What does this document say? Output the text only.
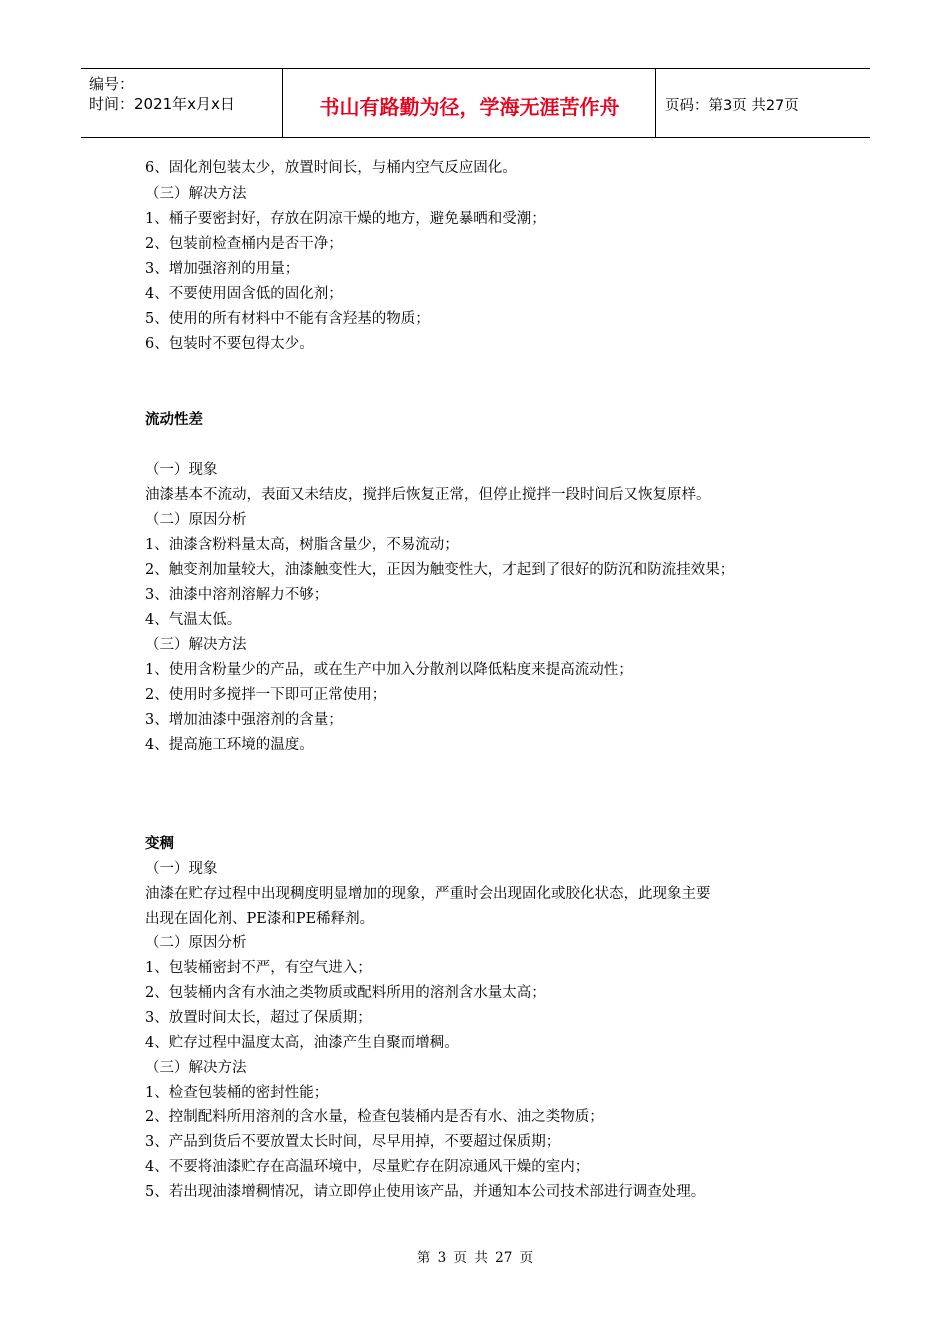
编号：
时间：2021年x月x日	书山有路勤为径，学海无涯苦作舟	页码：第3页 共27页
6、固化剂包装太少，放置时间长，与桶内空气反应固化。
（三）解决方法
1、桶子要密封好，存放在阴凉干燥的地方，避免暴晒和受潮；
2、包装前检查桶内是否干净；
3、增加强溶剂的用量；
4、不要使用固含低的固化剂；
5、使用的所有材料中不能有含羟基的物质；
6、包装时不要包得太少。
流动性差
（一）现象
油漆基本不流动，表面又未结皮，搅拌后恢复正常，但停止搅拌一段时间后又恢复原样。
（二）原因分析
1、油漆含粉料量太高，树脂含量少，不易流动；
2、触变剂加量较大，油漆触变性大，正因为触变性大，才起到了很好的防沉和防流挂效果；
3、油漆中溶剂溶解力不够；
4、气温太低。
（三）解决方法
1、使用含粉量少的产品，或在生产中加入分散剂以降低粘度来提高流动性；
2、使用时多搅拌一下即可正常使用；
3、增加油漆中强溶剂的含量；
4、提高施工环境的温度。
变稠
（一）现象
油漆在贮存过程中出现稠度明显增加的现象，严重时会出现固化或胶化状态，此现象主要
出现在固化剂、PE漆和PE稀释剂。
（二）原因分析
1、包装桶密封不严，有空气进入；
2、包装桶内含有水油之类物质或配料所用的溶剂含水量太高；
3、放置时间太长，超过了保质期；
4、贮存过程中温度太高，油漆产生自聚而增稠。
（三）解决方法
1、检查包装桶的密封性能；
2、控制配料所用溶剂的含水量，检查包装桶内是否有水、油之类物质；
3、产品到货后不要放置太长时间，尽早用掉，不要超过保质期；
4、不要将油漆贮存在高温环境中，尽量贮存在阴凉通风干燥的室内；
5、若出现油漆增稠情况，请立即停止使用该产品，并通知本公司技术部进行调查处理。
第 3 页 共 27 页
